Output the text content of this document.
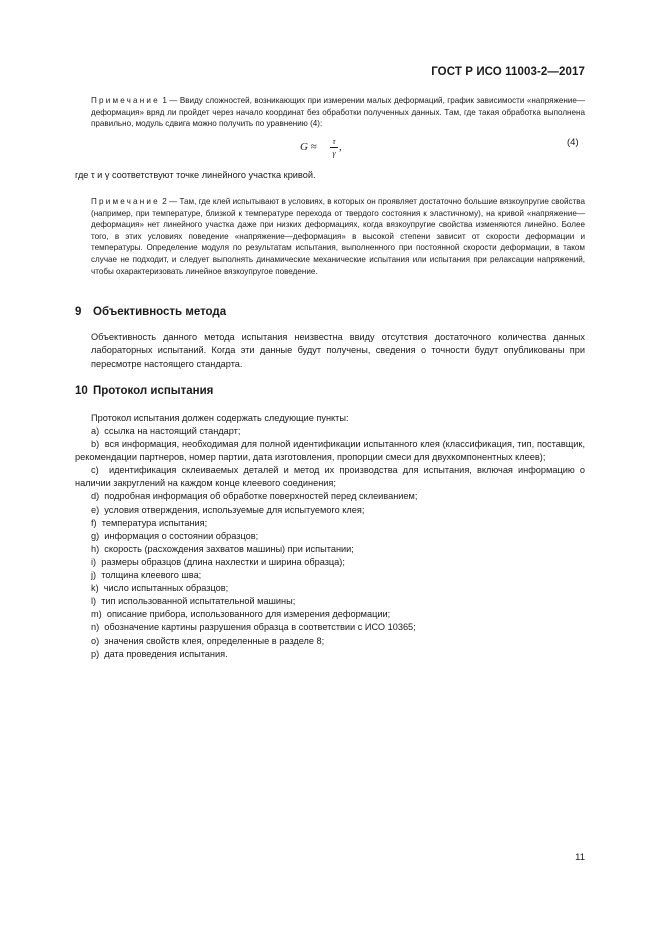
ГОСТ Р ИСО 11003-2—2017

Примечание 1 — Ввиду сложностей, возникающих при измерении малых деформаций, график зависимости «напряжение—деформация» вряд ли пройдет через начало координат без обработки полученных данных. Там, где такая обработка выполнена правильно, модуль сдвига можно получить по уравнению (4):

G ≈	τ
γ
,	(4)
где τ и γ соответствуют точке линейного участка кривой.

Примечание 2 — Там, где клей испытывают в условиях, в которых он проявляет достаточно большие вязкоупругие свойства (например, при температуре, близкой к температуре перехода от твердого состояния к эластичному), на кривой «напряжение—деформация» нет линейного участка даже при низких деформациях, когда вязкоупругие свойства изменяются линейно. Более того, в этих условиях поведение «напряжение—деформация» в высокой степени зависит от скорости деформации и температуры. Определение модуля по результатам испытания, выполненного при постоянной скорости деформации, в таком случае не подходит, и следует выполнять динамические механические испытания или испытания при релаксации напряжений, чтобы охарактеризовать линейное вязкоупругое поведение.

9 Объективность метода

Объективность данного метода испытания неизвестна ввиду отсутствия достаточного количества данных лабораторных испытаний. Когда эти данные будут получены, сведения о точности будут опубликованы при пересмотре настоящего стандарта.

10 Протокол испытания

Протокол испытания должен содержать следующие пункты:

a) ссылка на настоящий стандарт;

b) вся информация, необходимая для полной идентификации испытанного клея (классификация, тип, поставщик, рекомендации партнеров, номер партии, дата изготовления, пропорции смеси для двухкомпонентных клеев);

c) идентификация склеиваемых деталей и метод их производства для испытания, включая информацию о наличии закруглений на каждом конце клеевого соединения;

d) подробная информация об обработке поверхностей перед склеиванием;

e) условия отверждения, используемые для испытуемого клея;

f) температура испытания;

g) информация о состоянии образцов;

h) скорость (расхождения захватов машины) при испытании;

i) размеры образцов (длина нахлестки и ширина образца);

j) толщина клеевого шва;

k) число испытанных образцов;

l) тип использованной испытательной машины;

m) описание прибора, использованного для измерения деформации;

n) обозначение картины разрушения образца в соответствии с ИСО 10365;

o) значения свойств клея, определенные в разделе 8;

p) дата проведения испытания.

11
